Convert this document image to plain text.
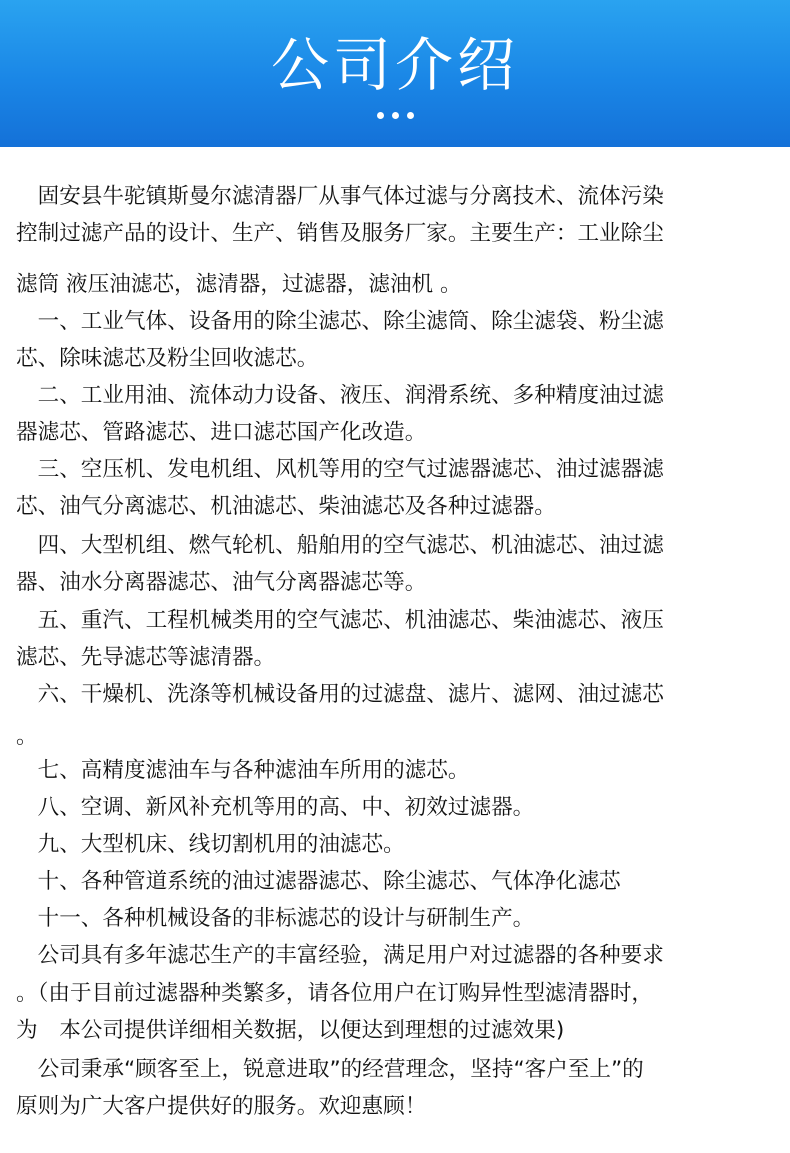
公司介绍
　固安县牛驼镇斯曼尔滤清器厂从事气体过滤与分离技术、流体污染
控制过滤产品的设计、生产、销售及服务厂家。主要生产：工业除尘
滤筒 液压油滤芯，滤清器，过滤器，滤油机 。
　一、工业气体、设备用的除尘滤芯、除尘滤筒、除尘滤袋、粉尘滤
芯、除味滤芯及粉尘回收滤芯。
　二、工业用油、流体动力设备、液压、润滑系统、多种精度油过滤
器滤芯、管路滤芯、进口滤芯国产化改造。
　三、空压机、发电机组、风机等用的空气过滤器滤芯、油过滤器滤
芯、油气分离滤芯、机油滤芯、柴油滤芯及各种过滤器。
　四、大型机组、燃气轮机、船舶用的空气滤芯、机油滤芯、油过滤
器、油水分离器滤芯、油气分离器滤芯等。
　五、重汽、工程机械类用的空气滤芯、机油滤芯、柴油滤芯、液压
滤芯、先导滤芯等滤清器。
　六、干燥机、洗涤等机械设备用的过滤盘、滤片、滤网、油过滤芯
。
　七、高精度滤油车与各种滤油车所用的滤芯。
　八、空调、新风补充机等用的高、中、初效过滤器。
　九、大型机床、线切割机用的油滤芯。
　十、各种管道系统的油过滤器滤芯、除尘滤芯、气体净化滤芯
　十一、各种机械设备的非标滤芯的设计与研制生产。
　公司具有多年滤芯生产的丰富经验，满足用户对过滤器的各种要求
。（由于目前过滤器种类繁多，请各位用户在订购异性型滤清器时，
为　本公司提供详细相关数据，以便达到理想的过滤效果)
　公司秉承“顾客至上，锐意进取”的经营理念，坚持“客户至上”的
原则为广大客户提供好的服务。欢迎惠顾！
